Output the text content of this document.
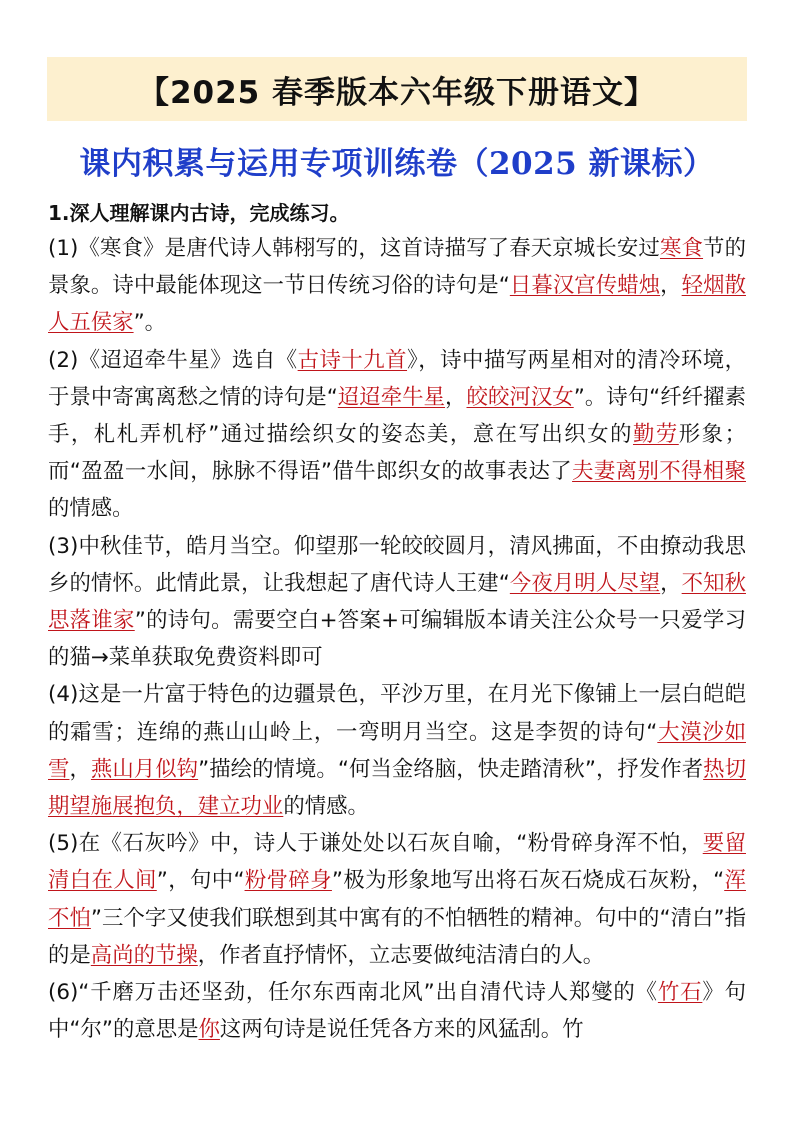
【2025 春季版本六年级下册语文】
课内积累与运用专项训练卷（2025 新课标）

1.深人理解课内古诗，完成练习。

(1)《寒食》是唐代诗人韩栩写的，这首诗描写了春天京城长安过寒食节的景象。诗中最能体现这一节日传统习俗的诗句是“日暮汉宫传蜡烛，轻烟散人五侯家”。

(2)《迢迢牵牛星》选自《古诗十九首》，诗中描写两星相对的清冷环境，于景中寄寓离愁之情的诗句是“迢迢牵牛星，皎皎河汉女”。诗句“纤纤擢素手，札札弄机杼”通过描绘织女的姿态美，意在写出织女的勤劳形象；而“盈盈一水间，脉脉不得语”借牛郎织女的故事表达了夫妻离别不得相聚的情感。

(3)中秋佳节，皓月当空。仰望那一轮皎皎圆月，清风拂面，不由撩动我思乡的情怀。此情此景，让我想起了唐代诗人王建“今夜月明人尽望，不知秋思落谁家”的诗句。需要空白+答案+可编辑版本请关注公众号一只爱学习的猫→菜单获取免费资料即可

(4)这是一片富于特色的边疆景色，平沙万里，在月光下像铺上一层白皑皑的霜雪；连绵的燕山山岭上，一弯明月当空。这是李贺的诗句“大漠沙如雪，燕山月似钩”描绘的情境。“何当金络脑，快走踏清秋”，抒发作者热切期望施展抱负，建立功业的情感。

(5)在《石灰吟》中，诗人于谦处处以石灰自喻，“粉骨碎身浑不怕，要留清白在人间”，句中“粉骨碎身”极为形象地写出将石灰石烧成石灰粉，“浑不怕”三个字又使我们联想到其中寓有的不怕牺牲的精神。句中的“清白”指的是高尚的节操，作者直抒情怀，立志要做纯洁清白的人。

(6)“千磨万击还坚劲，任尔东西南北风”出自清代诗人郑燮的《竹石》句中“尔”的意思是你这两句诗是说任凭各方来的风猛刮。竹
